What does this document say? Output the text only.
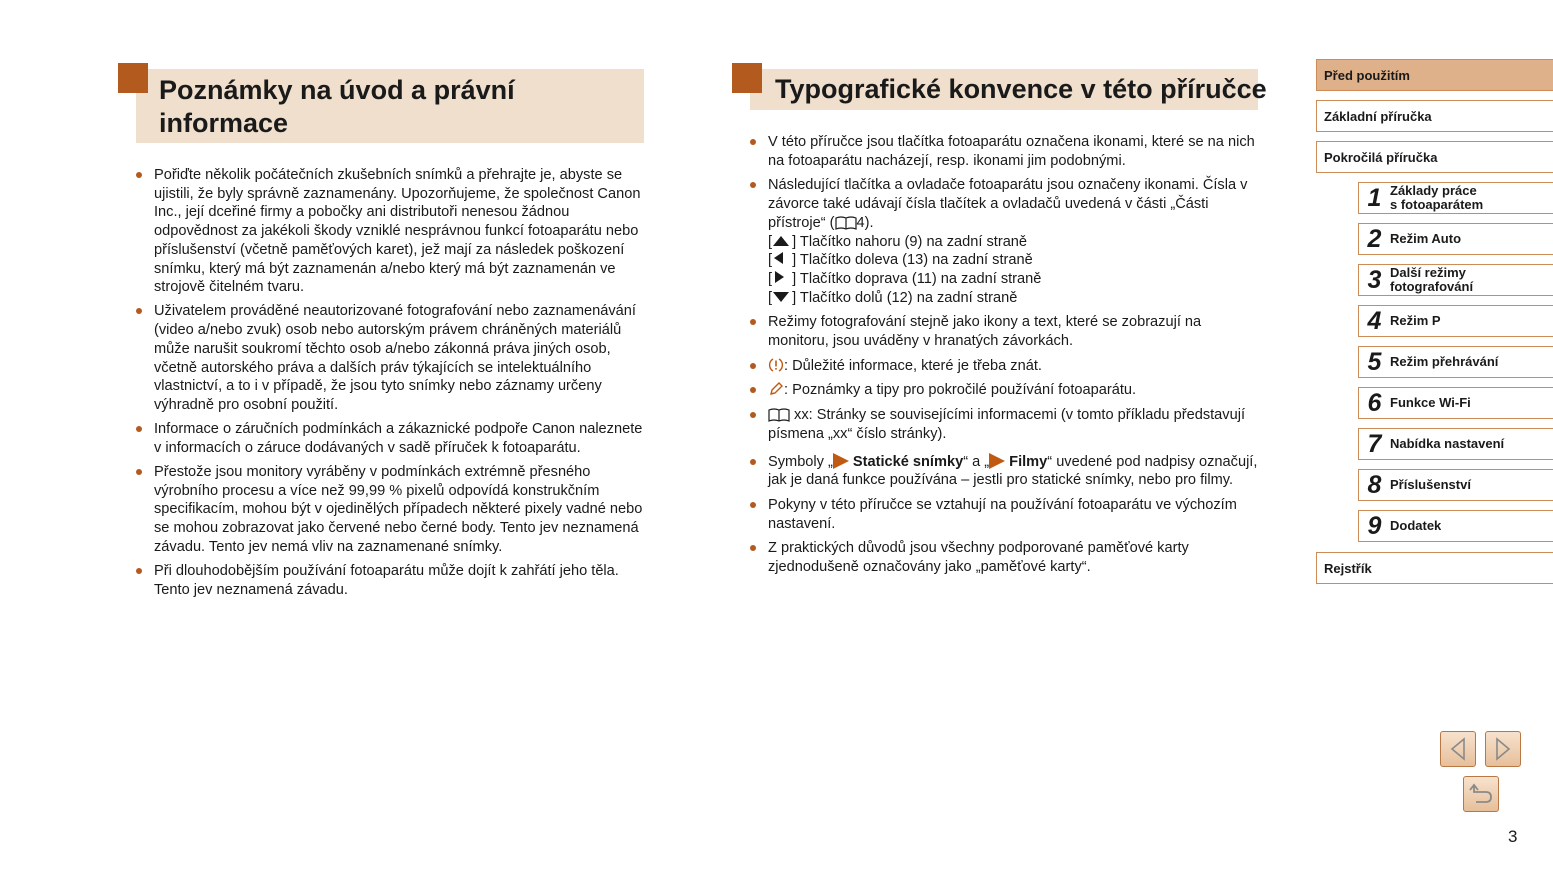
Poznámky na úvod a právní
informace
Pořiďte několik počátečních zkušebních snímků a přehrajte je, abyste se ujistili, že byly správně zaznamenány. Upozorňujeme, že společnost Canon Inc., její dceřiné firmy a pobočky ani distributoři nenesou žádnou odpovědnost za jakékoli škody vzniklé nesprávnou funkcí fotoaparátu nebo příslušenství (včetně paměťových karet), jež mají za následek poškození snímku, který má být zaznamenán a/nebo který má být zaznamenán ve strojově čitelném tvaru.
Uživatelem prováděné neautorizované fotografování nebo zaznamenávání (video a/nebo zvuk) osob nebo autorským právem chráněných materiálů může narušit soukromí těchto osob a/nebo zákonná práva jiných osob, včetně autorského práva a dalších práv týkajících se intelektuálního vlastnictví, a to i v případě, že jsou tyto snímky nebo záznamy určeny výhradně pro osobní použití.
Informace o záručních podmínkách a zákaznické podpoře Canon naleznete v informacích o záruce dodávaných v sadě příruček k fotoaparátu.
Přestože jsou monitory vyráběny v podmínkách extrémně přesného výrobního procesu a více než 99,99 % pixelů odpovídá konstrukčním specifikacím, mohou být v ojedinělých případech některé pixely vadné nebo se mohou zobrazovat jako červené nebo černé body. Tento jev neznamená závadu. Tento jev nemá vliv na zaznamenané snímky.
Při dlouhodobějším používání fotoaparátu může dojít k zahřátí jeho těla. Tento jev neznamená závadu.
Typografické konvence v této příručce
V této příručce jsou tlačítka fotoaparátu označena ikonami, které se na nich na fotoaparátu nacházejí, resp. ikonami jim podobnými.
Následující tlačítka a ovladače fotoaparátu jsou označeny ikonami. Čísla v závorce také udávají čísla tlačítek a ovladačů uvedená v části „Části přístroje“ ( 4).
[ ] Tlačítko nahoru (9) na zadní straně
[ ] Tlačítko doleva (13) na zadní straně
[ ] Tlačítko doprava (11) na zadní straně
[ ] Tlačítko dolů (12) na zadní straně
Režimy fotografování stejně jako ikony a text, které se zobrazují na monitoru, jsou uváděny v hranatých závorkách.
: Důležité informace, které je třeba znát.
: Poznámky a tipy pro pokročilé používání fotoaparátu.
xx: Stránky se souvisejícími informacemi (v tomto příkladu představují písmena „xx“ číslo stránky).
Symboly „ Statické snímky“ a „ Filmy“ uvedené pod nadpisy označují, jak je daná funkce používána – jestli pro statické snímky, nebo pro filmy.
Pokyny v této příručce se vztahují na používání fotoaparátu ve výchozím nastavení.
Z praktických důvodů jsou všechny podporované paměťové karty zjednodušeně označovány jako „paměťové karty“.
Před použitím
Základní příručka
Pokročilá příručka
1 Základy práce
s fotoaparátem
2 Režim Auto
3 Další režimy
fotografování
4 Režim P
5 Režim přehrávání
6 Funkce Wi-Fi
7 Nabídka nastavení
8 Příslušenství
9 Dodatek
Rejstřík
3
